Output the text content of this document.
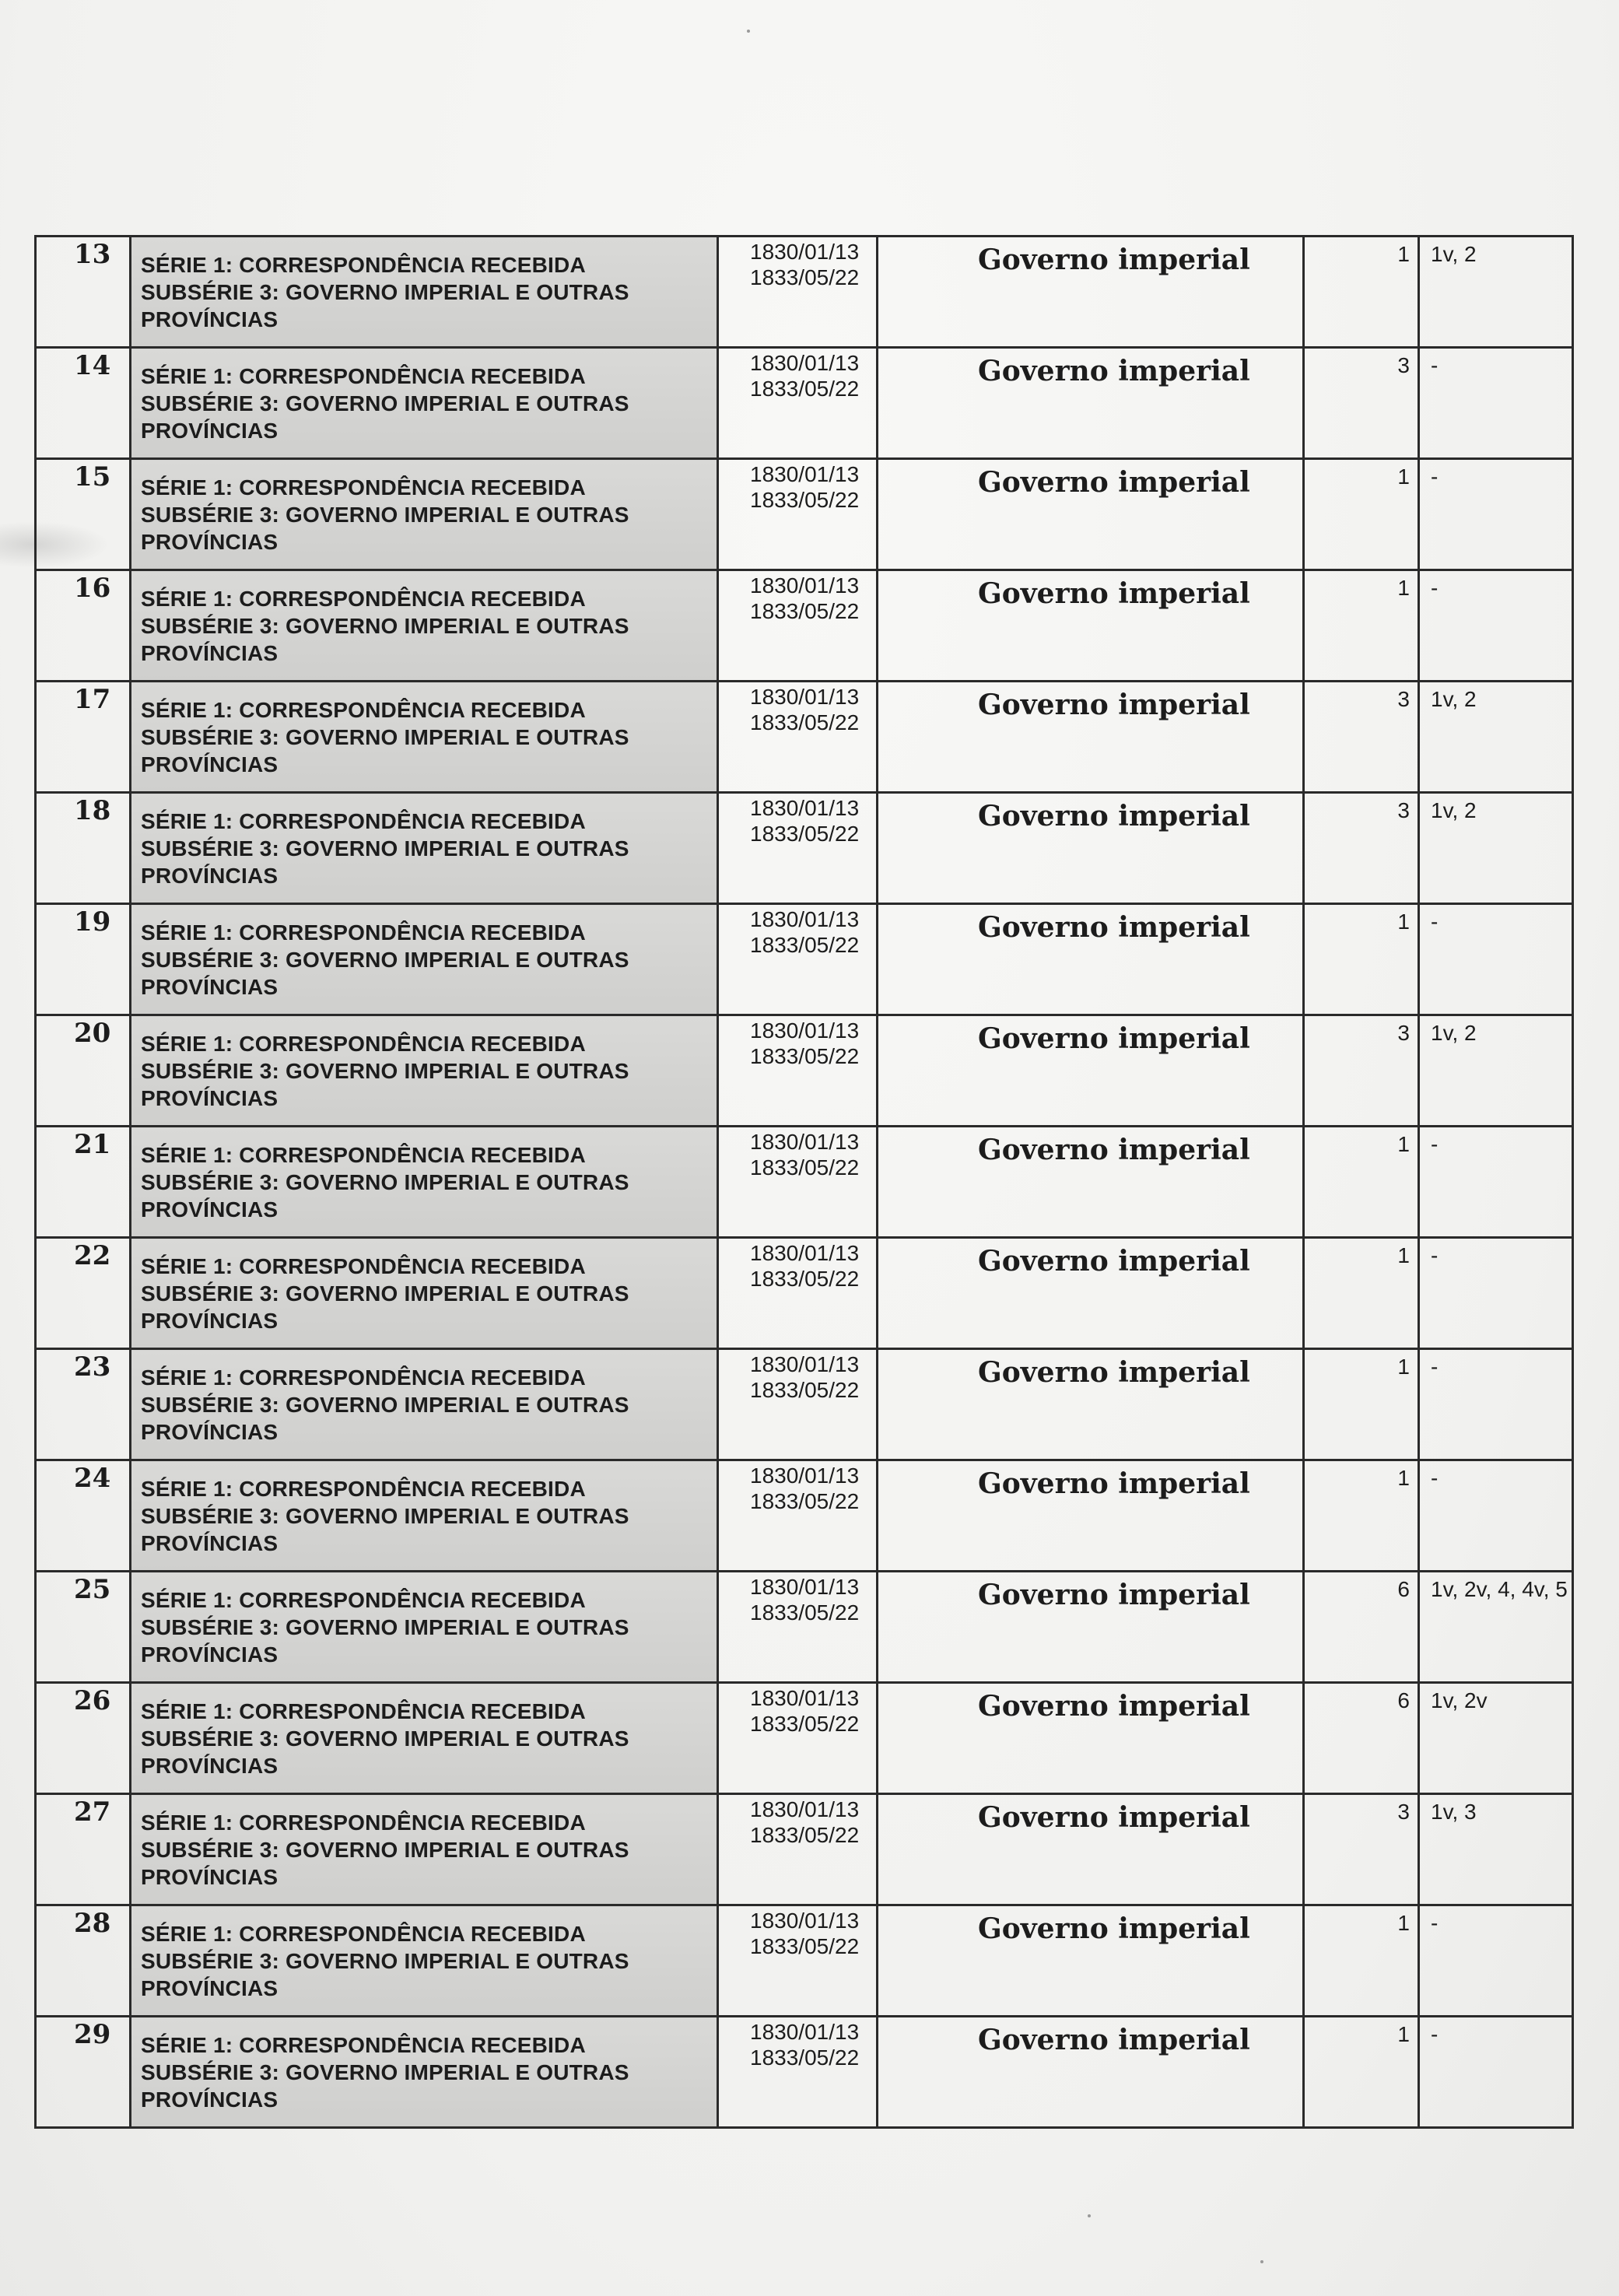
13	SÉRIE 1: CORRESPONDÊNCIA RECEBIDA
SUBSÉRIE 3: GOVERNO IMPERIAL E OUTRAS
PROVÍNCIAS	1830/01/13
1833/05/22	Governo imperial	1	1v, 2
14	SÉRIE 1: CORRESPONDÊNCIA RECEBIDA
SUBSÉRIE 3: GOVERNO IMPERIAL E OUTRAS
PROVÍNCIAS	1830/01/13
1833/05/22	Governo imperial	3	-
15	SÉRIE 1: CORRESPONDÊNCIA RECEBIDA
SUBSÉRIE 3: GOVERNO IMPERIAL E OUTRAS
PROVÍNCIAS	1830/01/13
1833/05/22	Governo imperial	1	-
16	SÉRIE 1: CORRESPONDÊNCIA RECEBIDA
SUBSÉRIE 3: GOVERNO IMPERIAL E OUTRAS
PROVÍNCIAS	1830/01/13
1833/05/22	Governo imperial	1	-
17	SÉRIE 1: CORRESPONDÊNCIA RECEBIDA
SUBSÉRIE 3: GOVERNO IMPERIAL E OUTRAS
PROVÍNCIAS	1830/01/13
1833/05/22	Governo imperial	3	1v, 2
18	SÉRIE 1: CORRESPONDÊNCIA RECEBIDA
SUBSÉRIE 3: GOVERNO IMPERIAL E OUTRAS
PROVÍNCIAS	1830/01/13
1833/05/22	Governo imperial	3	1v, 2
19	SÉRIE 1: CORRESPONDÊNCIA RECEBIDA
SUBSÉRIE 3: GOVERNO IMPERIAL E OUTRAS
PROVÍNCIAS	1830/01/13
1833/05/22	Governo imperial	1	-
20	SÉRIE 1: CORRESPONDÊNCIA RECEBIDA
SUBSÉRIE 3: GOVERNO IMPERIAL E OUTRAS
PROVÍNCIAS	1830/01/13
1833/05/22	Governo imperial	3	1v, 2
21	SÉRIE 1: CORRESPONDÊNCIA RECEBIDA
SUBSÉRIE 3: GOVERNO IMPERIAL E OUTRAS
PROVÍNCIAS	1830/01/13
1833/05/22	Governo imperial	1	-
22	SÉRIE 1: CORRESPONDÊNCIA RECEBIDA
SUBSÉRIE 3: GOVERNO IMPERIAL E OUTRAS
PROVÍNCIAS	1830/01/13
1833/05/22	Governo imperial	1	-
23	SÉRIE 1: CORRESPONDÊNCIA RECEBIDA
SUBSÉRIE 3: GOVERNO IMPERIAL E OUTRAS
PROVÍNCIAS	1830/01/13
1833/05/22	Governo imperial	1	-
24	SÉRIE 1: CORRESPONDÊNCIA RECEBIDA
SUBSÉRIE 3: GOVERNO IMPERIAL E OUTRAS
PROVÍNCIAS	1830/01/13
1833/05/22	Governo imperial	1	-
25	SÉRIE 1: CORRESPONDÊNCIA RECEBIDA
SUBSÉRIE 3: GOVERNO IMPERIAL E OUTRAS
PROVÍNCIAS	1830/01/13
1833/05/22	Governo imperial	6	1v, 2v, 4, 4v, 5
26	SÉRIE 1: CORRESPONDÊNCIA RECEBIDA
SUBSÉRIE 3: GOVERNO IMPERIAL E OUTRAS
PROVÍNCIAS	1830/01/13
1833/05/22	Governo imperial	6	1v, 2v
27	SÉRIE 1: CORRESPONDÊNCIA RECEBIDA
SUBSÉRIE 3: GOVERNO IMPERIAL E OUTRAS
PROVÍNCIAS	1830/01/13
1833/05/22	Governo imperial	3	1v, 3
28	SÉRIE 1: CORRESPONDÊNCIA RECEBIDA
SUBSÉRIE 3: GOVERNO IMPERIAL E OUTRAS
PROVÍNCIAS	1830/01/13
1833/05/22	Governo imperial	1	-
29	SÉRIE 1: CORRESPONDÊNCIA RECEBIDA
SUBSÉRIE 3: GOVERNO IMPERIAL E OUTRAS
PROVÍNCIAS	1830/01/13
1833/05/22	Governo imperial	1	-
